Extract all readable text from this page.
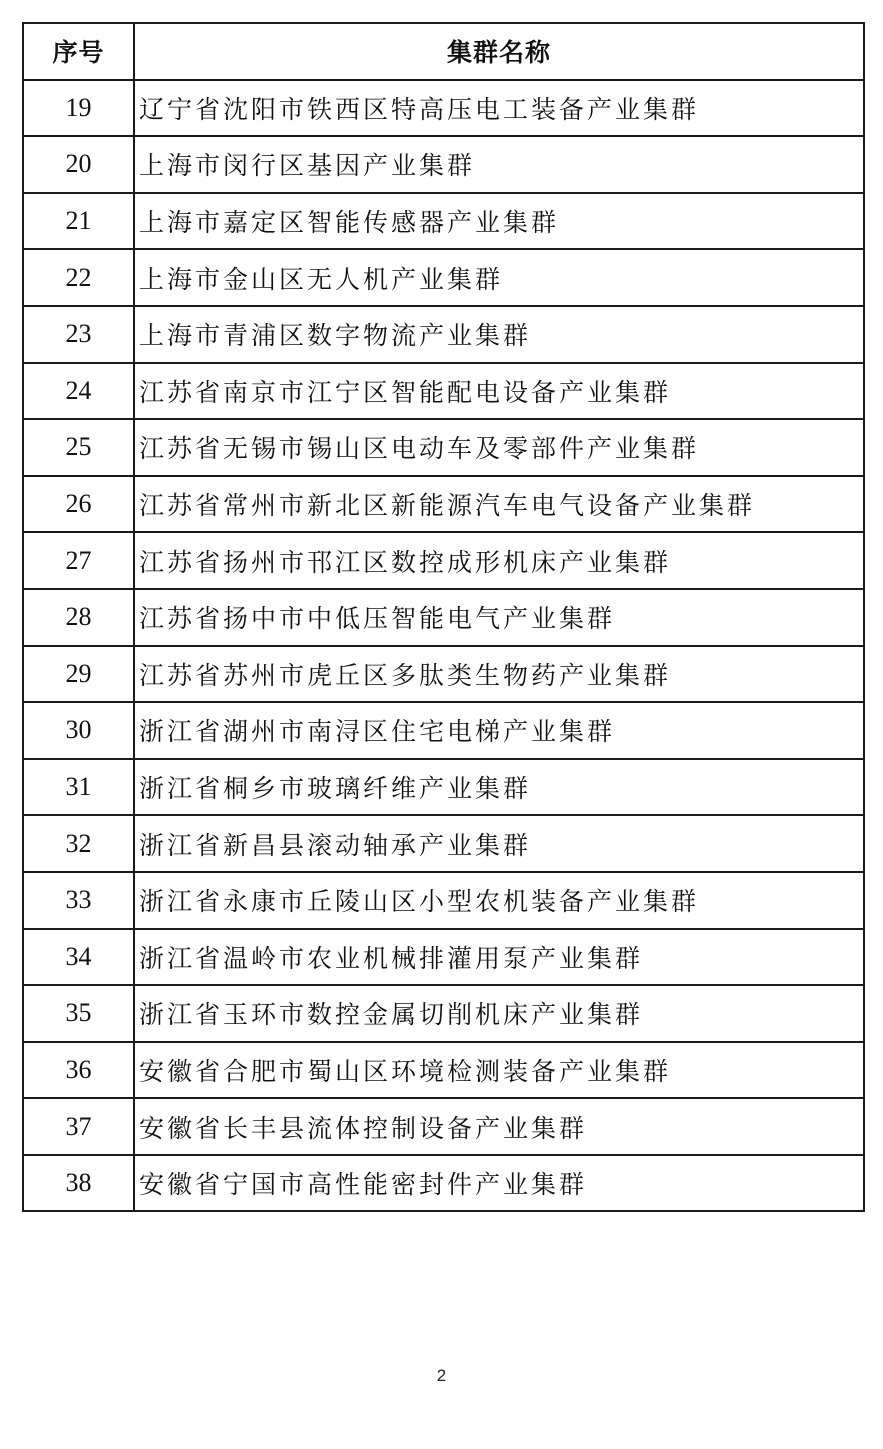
序号	集群名称
19	辽宁省沈阳市铁西区特高压电工装备产业集群
20	上海市闵行区基因产业集群
21	上海市嘉定区智能传感器产业集群
22	上海市金山区无人机产业集群
23	上海市青浦区数字物流产业集群
24	江苏省南京市江宁区智能配电设备产业集群
25	江苏省无锡市锡山区电动车及零部件产业集群
26	江苏省常州市新北区新能源汽车电气设备产业集群
27	江苏省扬州市邗江区数控成形机床产业集群
28	江苏省扬中市中低压智能电气产业集群
29	江苏省苏州市虎丘区多肽类生物药产业集群
30	浙江省湖州市南浔区住宅电梯产业集群
31	浙江省桐乡市玻璃纤维产业集群
32	浙江省新昌县滚动轴承产业集群
33	浙江省永康市丘陵山区小型农机装备产业集群
34	浙江省温岭市农业机械排灌用泵产业集群
35	浙江省玉环市数控金属切削机床产业集群
36	安徽省合肥市蜀山区环境检测装备产业集群
37	安徽省长丰县流体控制设备产业集群
38	安徽省宁国市高性能密封件产业集群
2
